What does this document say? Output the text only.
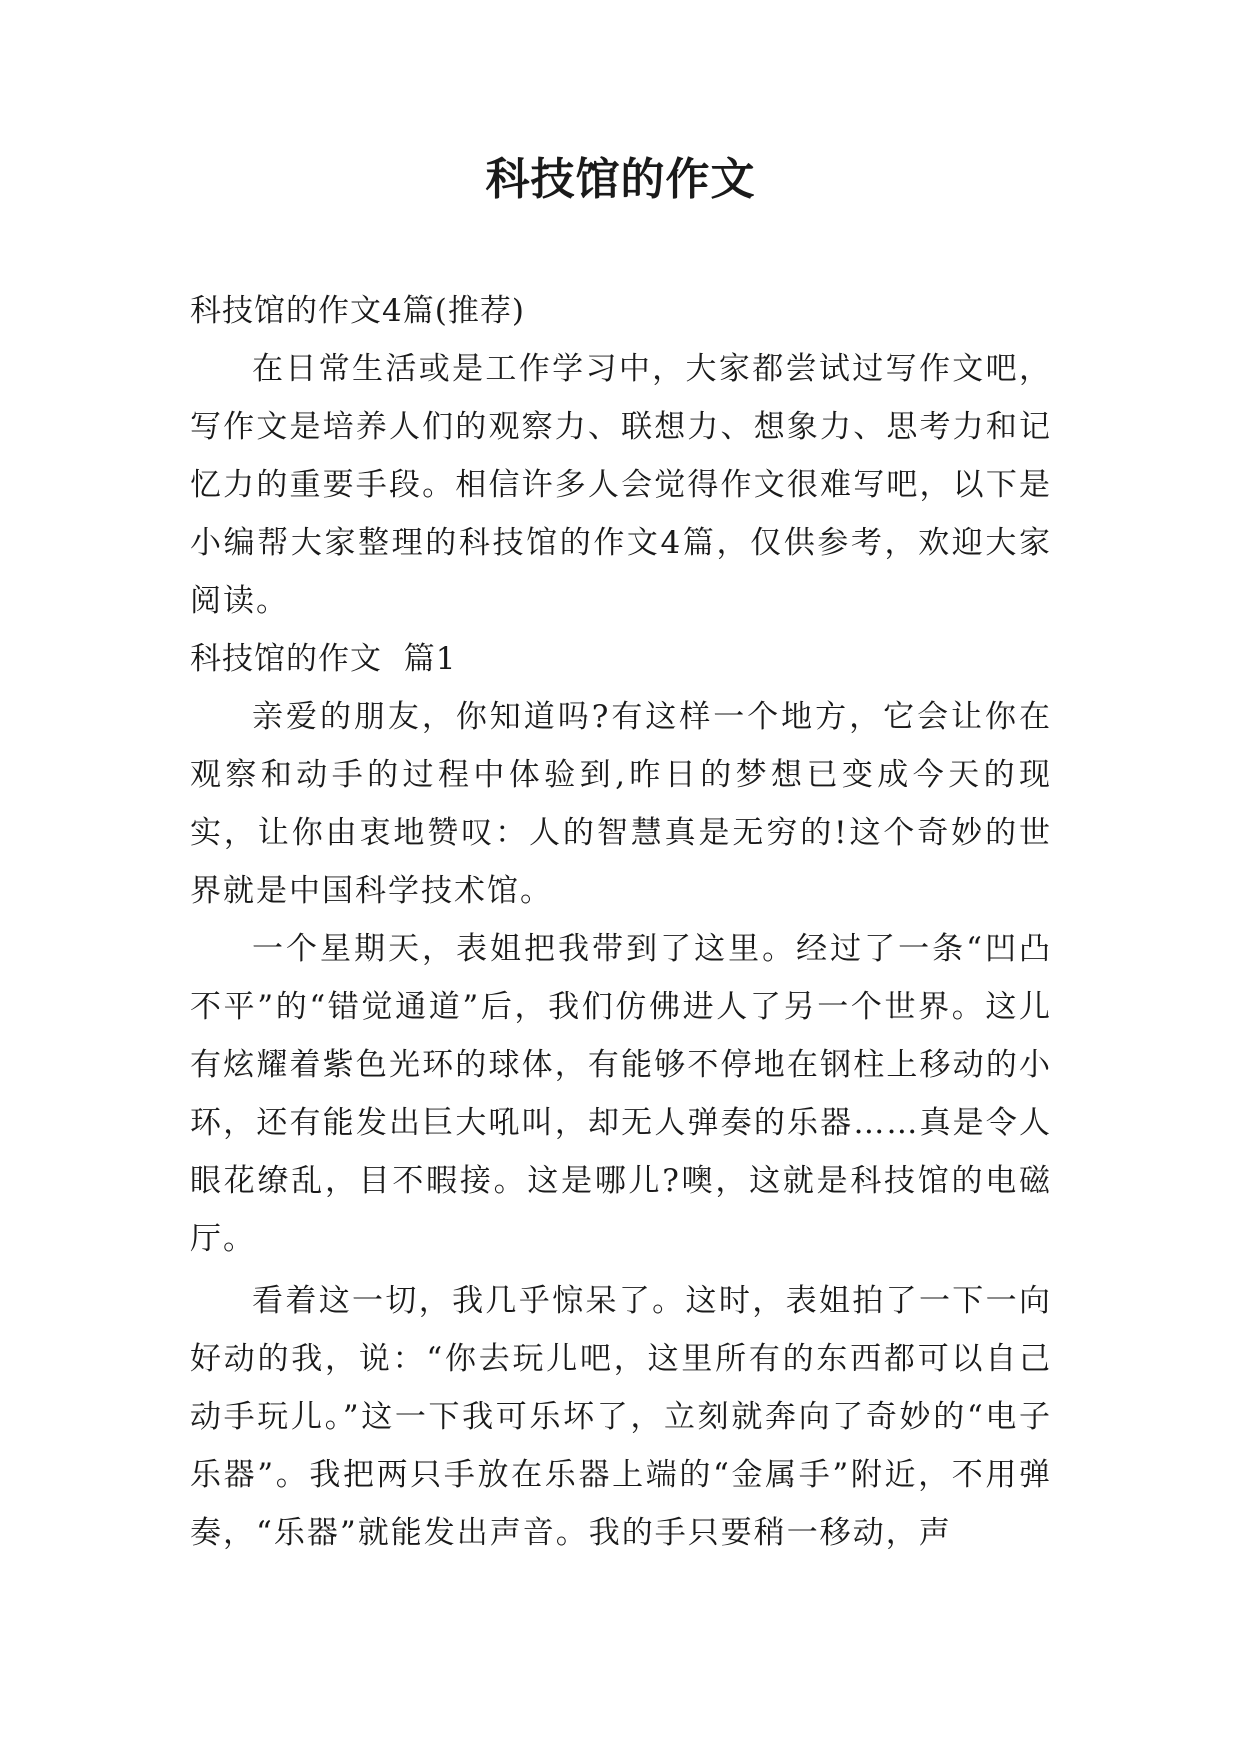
科技馆的作文

科技馆的作文4篇(推荐)

在日常生活或是工作学习中，大家都尝试过写作文吧，写作文是培养人们的观察力、联想力、想象力、思考力和记忆力的重要手段。相信许多人会觉得作文很难写吧，以下是小编帮大家整理的科技馆的作文4篇，仅供参考，欢迎大家阅读。

科技馆的作文  篇1

亲爱的朋友，你知道吗?有这样一个地方，它会让你在观察和动手的过程中体验到,昨日的梦想已变成今天的现实，让你由衷地赞叹：人的智慧真是无穷的!这个奇妙的世界就是中国科学技术馆。

一个星期天，表姐把我带到了这里。经过了一条“凹凸不平”的“错觉通道”后，我们仿佛进人了另一个世界。这儿有炫耀着紫色光环的球体，有能够不停地在钢柱上移动的小环，还有能发出巨大吼叫，却无人弹奏的乐器……真是令人眼花缭乱，目不暇接。这是哪儿?噢，这就是科技馆的电磁厅。

看着这一切，我几乎惊呆了。这时，表姐拍了一下一向好动的我，说：“你去玩儿吧，这里所有的东西都可以自己动手玩儿。”这一下我可乐坏了，立刻就奔向了奇妙的“电子乐器”。我把两只手放在乐器上端的“金属手”附近，不用弹奏，“乐器”就能发出声音。我的手只要稍一移动，声
